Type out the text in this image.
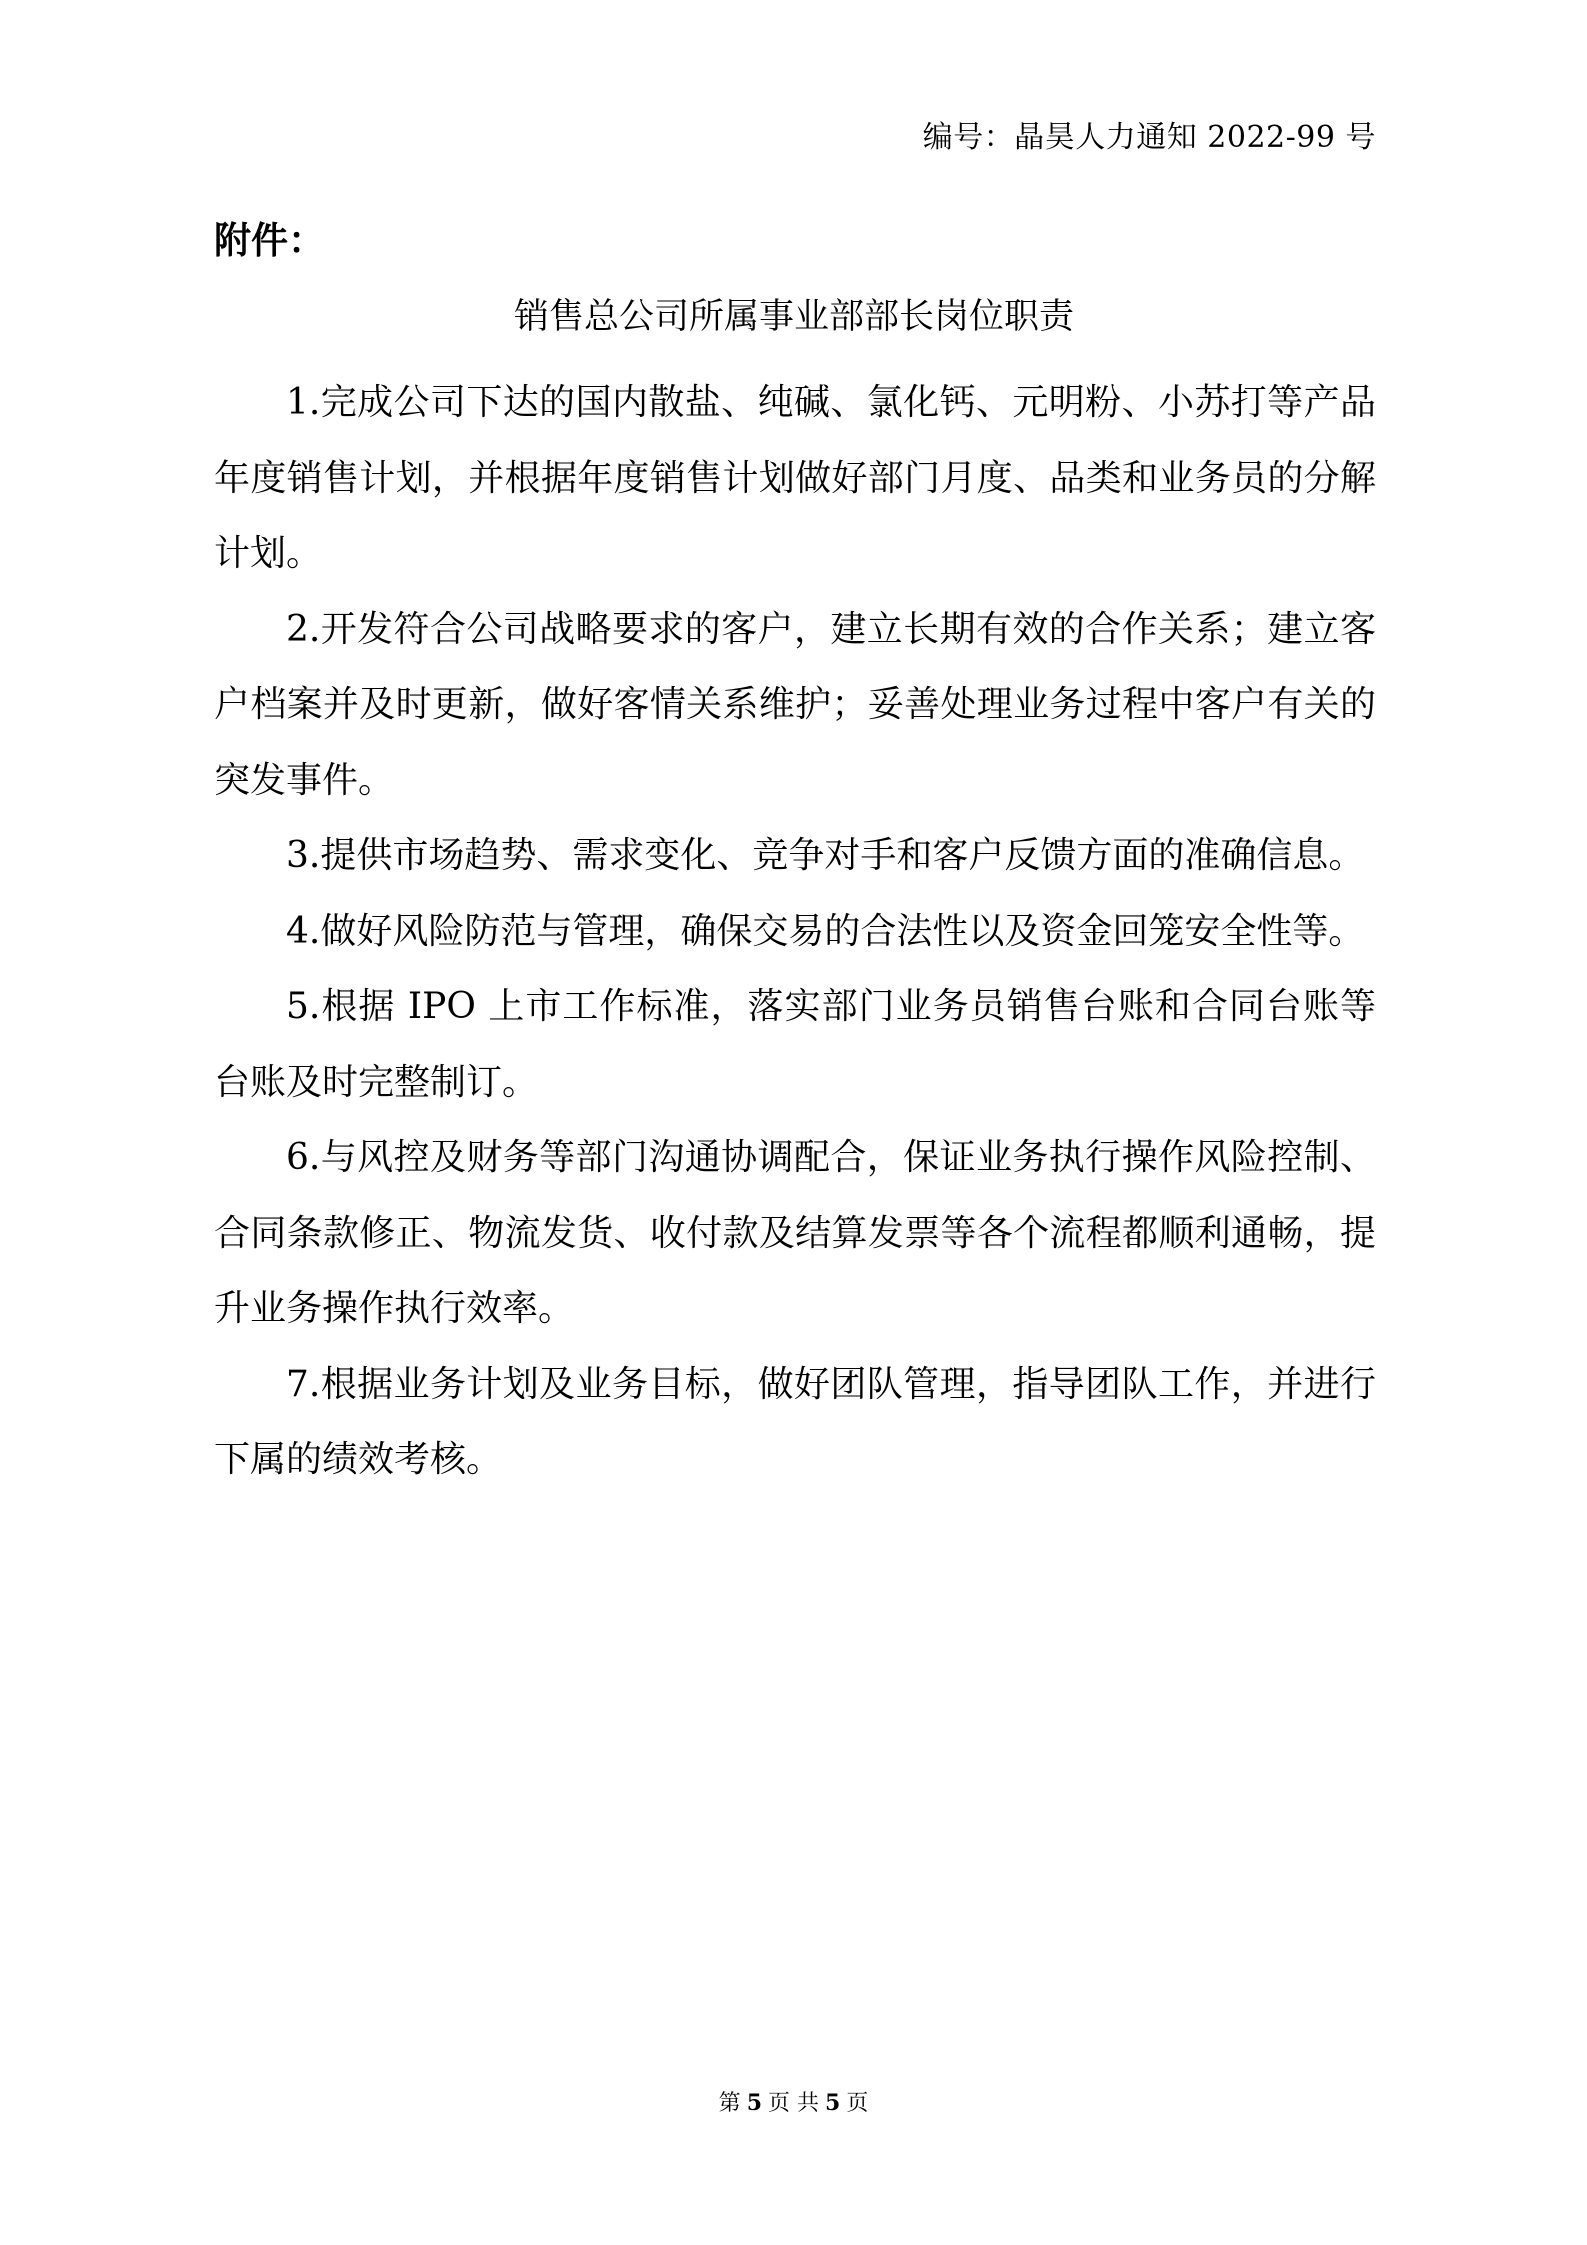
编号：晶昊人力通知 2022-99 号
附件：
销售总公司所属事业部部长岗位职责

1.完成公司下达的国内散盐、纯碱、氯化钙、元明粉、小苏打等产品年度销售计划，并根据年度销售计划做好部门月度、品类和业务员的分解计划。

2.开发符合公司战略要求的客户，建立长期有效的合作关系；建立客户档案并及时更新，做好客情关系维护；妥善处理业务过程中客户有关的突发事件。

3.提供市场趋势、需求变化、竞争对手和客户反馈方面的准确信息。

4.做好风险防范与管理，确保交易的合法性以及资金回笼安全性等。

5.根据 IPO 上市工作标准，落实部门业务员销售台账和合同台账等台账及时完整制订。

6.与风控及财务等部门沟通协调配合，保证业务执行操作风险控制、合同条款修正、物流发货、收付款及结算发票等各个流程都顺利通畅，提升业务操作执行效率。

7.根据业务计划及业务目标，做好团队管理，指导团队工作，并进行下属的绩效考核。

第 5 页 共 5 页
